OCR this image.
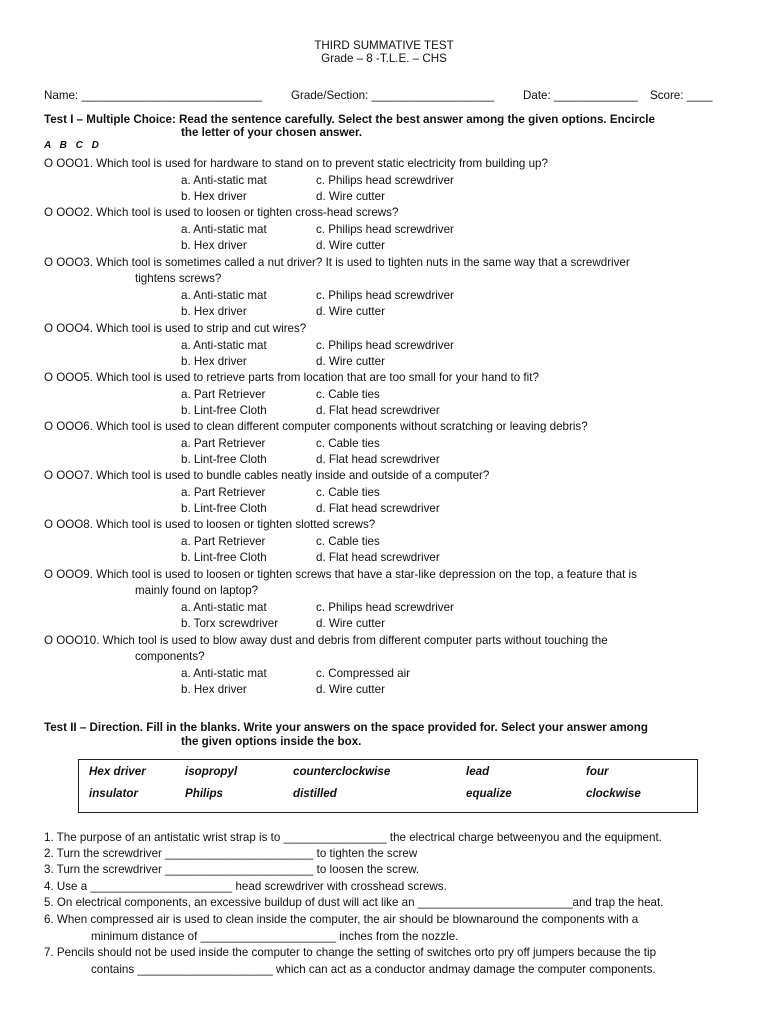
THIRD SUMMATIVE TEST
Grade – 8 -T.L.E. – CHS
Name: ____________________________	Grade/Section: ___________________ Date: _____________ Score: ____
Test I – Multiple Choice: Read the sentence carefully. Select the best answer among the given options. Encircle
the letter of your chosen answer.
A B C D
O OOO1. Which tool is used for hardware to stand on to prevent static electricity from building up?
a. Anti-static mat	c. Philips head screwdriver
b. Hex driver	d. Wire cutter
O OOO2. Which tool is used to loosen or tighten cross-head screws?
a. Anti-static mat	c. Philips head screwdriver
b. Hex driver	d. Wire cutter
O OOO3. Which tool is sometimes called a nut driver? It is used to tighten nuts in the same way that a screwdriver
tightens screws?
a. Anti-static mat	c. Philips head screwdriver
b. Hex driver	d. Wire cutter
O OOO4. Which tool is used to strip and cut wires?
a. Anti-static mat	c. Philips head screwdriver
b. Hex driver	d. Wire cutter
O OOO5. Which tool is used to retrieve parts from location that are too small for your hand to fit?
a. Part Retriever	c. Cable ties
b. Lint-free Cloth	d. Flat head screwdriver
O OOO6. Which tool is used to clean different computer components without scratching or leaving debris?
a. Part Retriever	c. Cable ties
b. Lint-free Cloth	d. Flat head screwdriver
O OOO7. Which tool is used to bundle cables neatly inside and outside of a computer?
a. Part Retriever	c. Cable ties
b. Lint-free Cloth	d. Flat head screwdriver
O OOO8. Which tool is used to loosen or tighten slotted screws?
a. Part Retriever	c. Cable ties
b. Lint-free Cloth	d. Flat head screwdriver
O OOO9. Which tool is used to loosen or tighten screws that have a star-like depression on the top, a feature that is
mainly found on laptop?
a. Anti-static mat	c. Philips head screwdriver
b. Torx screwdriver	d. Wire cutter
O OOO10. Which tool is used to blow away dust and debris from different computer parts without touching the
components?
a. Anti-static mat	c. Compressed air
b. Hex driver	d. Wire cutter
Test II – Direction. Fill in the blanks. Write your answers on the space provided for. Select your answer among
the given options inside the box.
Hex driver	isopropyl	counterclockwise	lead	four
insulator	Philips	distilled	equalize	clockwise
1. The purpose of an antistatic wrist strap is to ________________ the electrical charge betweenyou and the equipment.
2. Turn the screwdriver _______________________ to tighten the screw
3. Turn the screwdriver _______________________ to loosen the screw.
4. Use a ______________________ head screwdriver with crosshead screws.
5. On electrical components, an excessive buildup of dust will act like an ________________________and trap the heat.
6. When compressed air is used to clean inside the computer, the air should be blownaround the components with a
minimum distance of _____________________ inches from the nozzle.
7. Pencils should not be used inside the computer to change the setting of switches orto pry off jumpers because the tip
contains _____________________ which can act as a conductor andmay damage the computer components.
